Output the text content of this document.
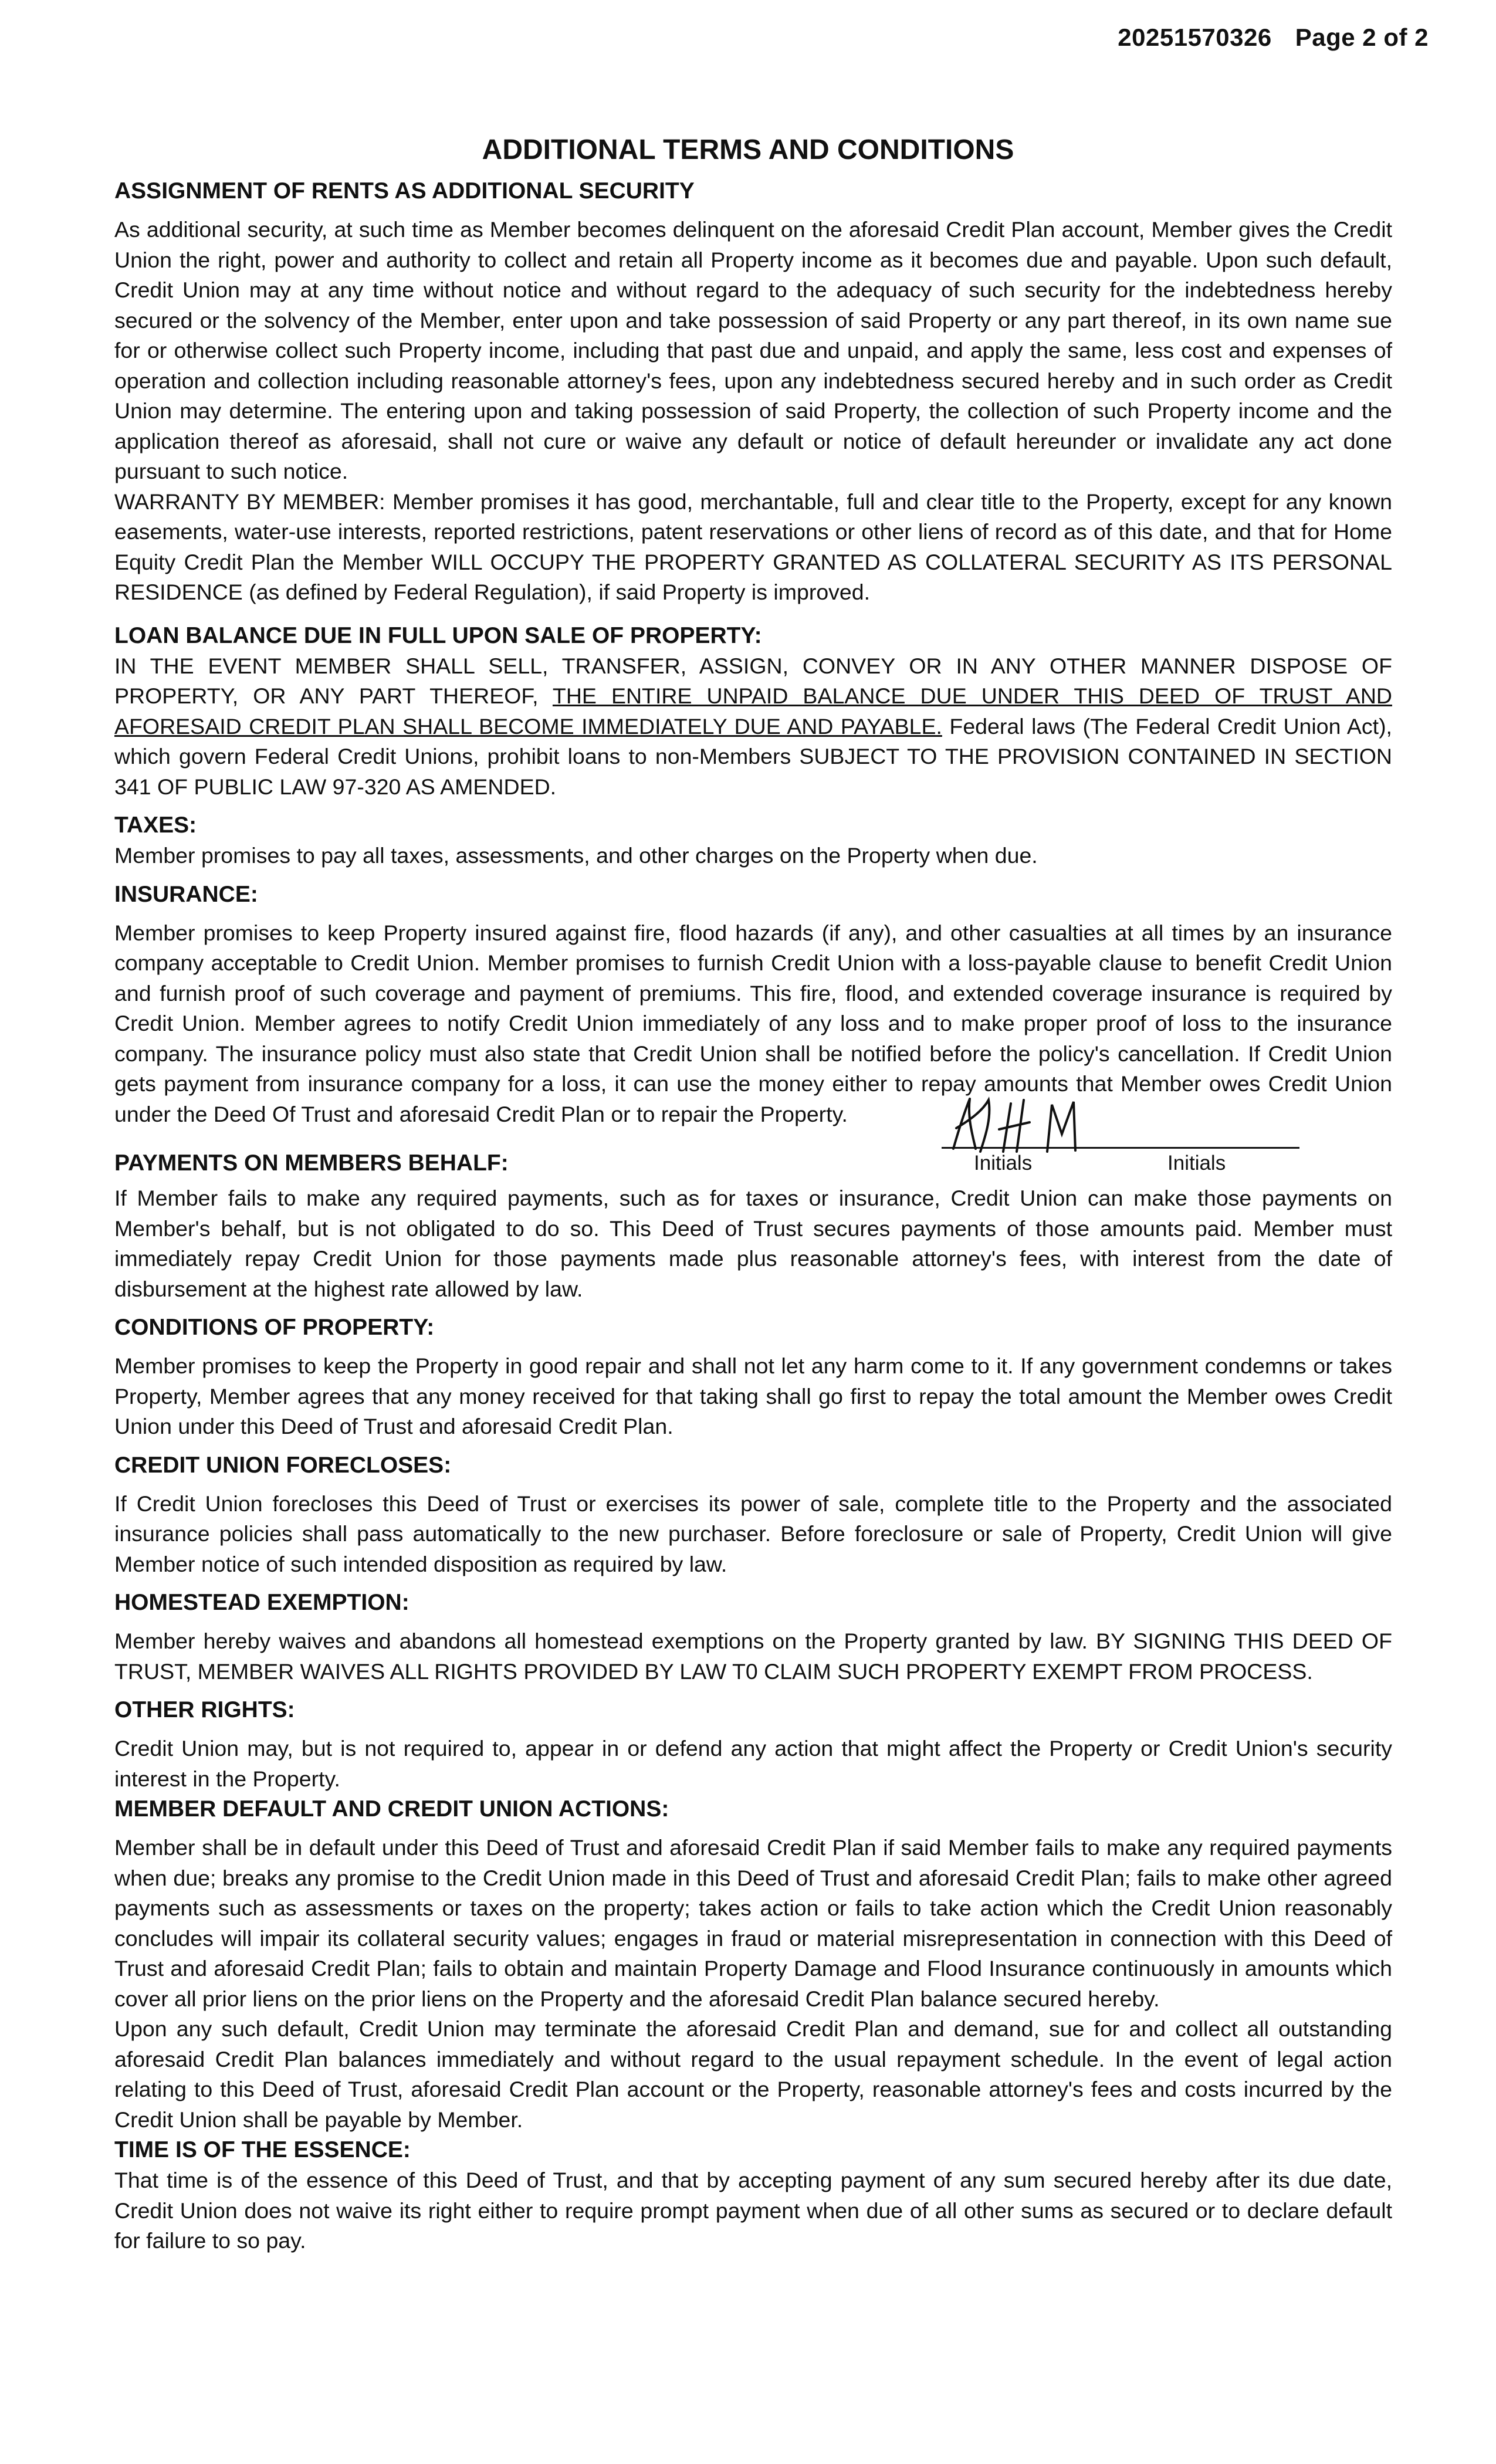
20251570326 Page 2 of 2
ADDITIONAL TERMS AND CONDITIONS

ASSIGNMENT OF RENTS AS ADDITIONAL SECURITY

As additional security, at such time as Member becomes delinquent on the aforesaid Credit Plan account, Member gives the Credit Union the right, power and authority to collect and retain all Property income as it becomes due and payable. Upon such default, Credit Union may at any time without notice and without regard to the adequacy of such security for the indebtedness hereby secured or the solvency of the Member, enter upon and take possession of said Property or any part thereof, in its own name sue for or otherwise collect such Property income, including that past due and unpaid, and apply the same, less cost and expenses of operation and collection including reasonable attorney's fees, upon any indebtedness secured hereby and in such order as Credit Union may determine. The entering upon and taking possession of said Property, the collection of such Property income and the application thereof as aforesaid, shall not cure or waive any default or notice of default hereunder or invalidate any act done pursuant to such notice.

WARRANTY BY MEMBER: Member promises it has good, merchantable, full and clear title to the Property, except for any known easements, water-use interests, reported restrictions, patent reservations or other liens of record as of this date, and that for Home Equity Credit Plan the Member WILL OCCUPY THE PROPERTY GRANTED AS COLLATERAL SECURITY AS ITS PERSONAL RESIDENCE (as defined by Federal Regulation), if said Property is improved.

LOAN BALANCE DUE IN FULL UPON SALE OF PROPERTY:

IN THE EVENT MEMBER SHALL SELL, TRANSFER, ASSIGN, CONVEY OR IN ANY OTHER MANNER DISPOSE OF PROPERTY, OR ANY PART THEREOF, THE ENTIRE UNPAID BALANCE DUE UNDER THIS DEED OF TRUST AND AFORESAID CREDIT PLAN SHALL BECOME IMMEDIATELY DUE AND PAYABLE. Federal laws (The Federal Credit Union Act), which govern Federal Credit Unions, prohibit loans to non-Members SUBJECT TO THE PROVISION CONTAINED IN SECTION 341 OF PUBLIC LAW 97-320 AS AMENDED.

TAXES:

Member promises to pay all taxes, assessments, and other charges on the Property when due.

INSURANCE:

Member promises to keep Property insured against fire, flood hazards (if any), and other casualties at all times by an insurance company acceptable to Credit Union. Member promises to furnish Credit Union with a loss-payable clause to benefit Credit Union and furnish proof of such coverage and payment of premiums. This fire, flood, and extended coverage insurance is required by Credit Union. Member agrees to notify Credit Union immediately of any loss and to make proper proof of loss to the insurance company. The insurance policy must also state that Credit Union shall be notified before the policy's cancellation. If Credit Union gets payment from insurance company for a loss, it can use the money either to repay amounts that Member owes Credit Union under the Deed Of Trust and aforesaid Credit Plan or to repair the Property.

PAYMENTS ON MEMBERS BEHALF:	Initials	Initials

If Member fails to make any required payments, such as for taxes or insurance, Credit Union can make those payments on Member's behalf, but is not obligated to do so. This Deed of Trust secures payments of those amounts paid. Member must immediately repay Credit Union for those payments made plus reasonable attorney's fees, with interest from the date of disbursement at the highest rate allowed by law.

CONDITIONS OF PROPERTY:

Member promises to keep the Property in good repair and shall not let any harm come to it. If any government condemns or takes Property, Member agrees that any money received for that taking shall go first to repay the total amount the Member owes Credit Union under this Deed of Trust and aforesaid Credit Plan.

CREDIT UNION FORECLOSES:

If Credit Union forecloses this Deed of Trust or exercises its power of sale, complete title to the Property and the associated insurance policies shall pass automatically to the new purchaser. Before foreclosure or sale of Property, Credit Union will give Member notice of such intended disposition as required by law.

HOMESTEAD EXEMPTION:

Member hereby waives and abandons all homestead exemptions on the Property granted by law. BY SIGNING THIS DEED OF TRUST, MEMBER WAIVES ALL RIGHTS PROVIDED BY LAW T0 CLAIM SUCH PROPERTY EXEMPT FROM PROCESS.

OTHER RIGHTS:

Credit Union may, but is not required to, appear in or defend any action that might affect the Property or Credit Union's security interest in the Property.

MEMBER DEFAULT AND CREDIT UNION ACTIONS:

Member shall be in default under this Deed of Trust and aforesaid Credit Plan if said Member fails to make any required payments when due; breaks any promise to the Credit Union made in this Deed of Trust and aforesaid Credit Plan; fails to make other agreed payments such as assessments or taxes on the property; takes action or fails to take action which the Credit Union reasonably concludes will impair its collateral security values; engages in fraud or material misrepresentation in connection with this Deed of Trust and aforesaid Credit Plan; fails to obtain and maintain Property Damage and Flood Insurance continuously in amounts which cover all prior liens on the prior liens on the Property and the aforesaid Credit Plan balance secured hereby.

Upon any such default, Credit Union may terminate the aforesaid Credit Plan and demand, sue for and collect all outstanding aforesaid Credit Plan balances immediately and without regard to the usual repayment schedule. In the event of legal action relating to this Deed of Trust, aforesaid Credit Plan account or the Property, reasonable attorney's fees and costs incurred by the Credit Union shall be payable by Member.

TIME IS OF THE ESSENCE:

That time is of the essence of this Deed of Trust, and that by accepting payment of any sum secured hereby after its due date, Credit Union does not waive its right either to require prompt payment when due of all other sums as secured or to declare default for failure to so pay.
